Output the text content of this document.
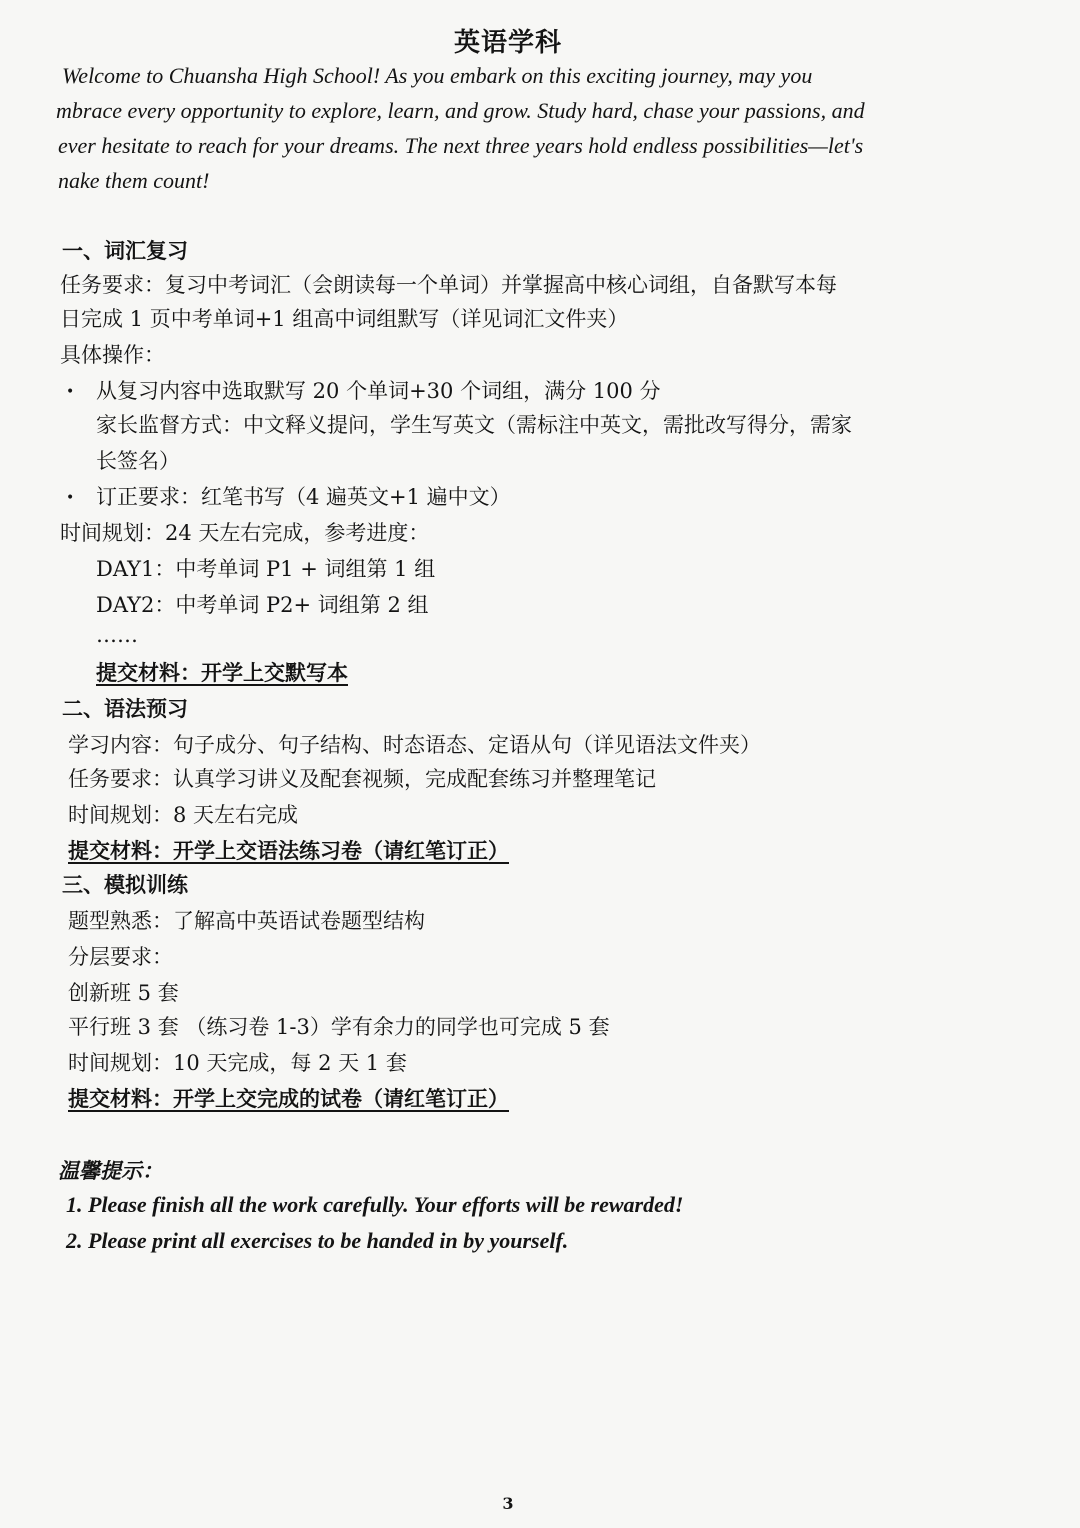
英语学科

Welcome to Chuansha High School! As you embark on this exciting journey, may you

mbrace every opportunity to explore, learn, and grow. Study hard, chase your passions, and

ever hesitate to reach for your dreams. The next three years hold endless possibilities—let's

nake them count!

一、词汇复习
任务要求：复习中考词汇（会朗读每一个单词）并掌握高中核心词组，自备默写本每
日完成 1 页中考单词+1 组高中词组默写（详见词汇文件夹）
具体操作：
• 从复习内容中选取默写 20 个单词+30 个词组，满分 100 分
家长监督方式：中文释义提问，学生写英文（需标注中英文，需批改写得分，需家
长签名）
• 订正要求：红笔书写（4 遍英文+1 遍中文）
时间规划：24 天左右完成，参考进度：
DAY1：中考单词 P1 + 词组第 1 组
DAY2：中考单词 P2+ 词组第 2 组
……
提交材料：开学上交默写本
二、语法预习
学习内容：句子成分、句子结构、时态语态、定语从句（详见语法文件夹）
任务要求：认真学习讲义及配套视频，完成配套练习并整理笔记
时间规划：8 天左右完成
提交材料：开学上交语法练习卷（请红笔订正）
三、模拟训练
题型熟悉：了解高中英语试卷题型结构
分层要求：
创新班 5 套
平行班 3 套 （练习卷 1-3）学有余力的同学也可完成 5 套
时间规划：10 天完成，每 2 天 1 套
提交材料：开学上交完成的试卷（请红笔订正）
温馨提示：
1. Please finish all the work carefully. Your efforts will be rewarded!
2. Please print all exercises to be handed in by yourself.
3
